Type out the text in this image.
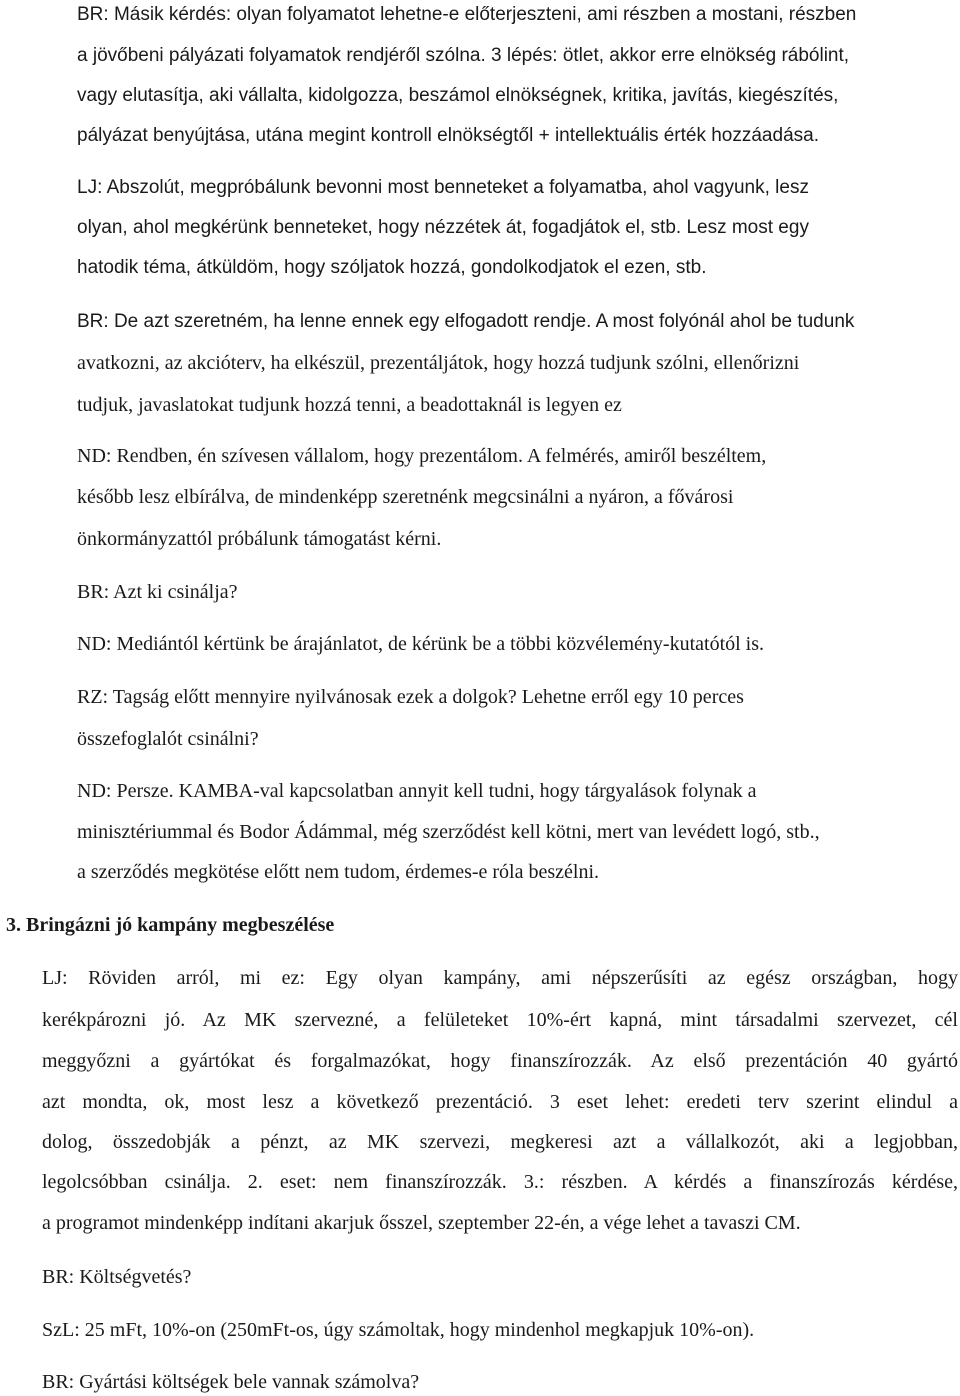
BR: Másik kérdés: olyan folyamatot lehetne-e előterjeszteni, ami részben a mostani, részben
a jövőbeni pályázati folyamatok rendjéről szólna. 3 lépés: ötlet, akkor erre elnökség rábólint,
vagy elutasítja, aki vállalta, kidolgozza, beszámol elnökségnek, kritika, javítás, kiegészítés,
pályázat benyújtása, utána megint kontroll elnökségtől + intellektuális érték hozzáadása.
LJ: Abszolút, megpróbálunk bevonni most benneteket a folyamatba, ahol vagyunk, lesz
olyan, ahol megkérünk benneteket, hogy nézzétek át, fogadjátok el, stb. Lesz most egy
hatodik téma, átküldöm, hogy szóljatok hozzá, gondolkodjatok el ezen, stb.
BR: De azt szeretném, ha lenne ennek egy elfogadott rendje. A most folyónál ahol be tudunk
avatkozni, az akcióterv, ha elkészül, prezentáljátok, hogy hozzá tudjunk szólni, ellenőrizni
tudjuk, javaslatokat tudjunk hozzá tenni, a beadottaknál is legyen ez
ND: Rendben, én szívesen vállalom, hogy prezentálom. A felmérés, amiről beszéltem,
később lesz elbírálva, de mindenképp szeretnénk megcsinálni a nyáron, a fővárosi
önkormányzattól próbálunk támogatást kérni.
BR: Azt ki csinálja?
ND: Mediántól kértünk be árajánlatot, de kérünk be a többi közvélemény-kutatótól is.
RZ: Tagság előtt mennyire nyilvánosak ezek a dolgok? Lehetne erről egy 10 perces
összefoglalót csinálni?
ND: Persze. KAMBA-val kapcsolatban annyit kell tudni, hogy tárgyalások folynak a
minisztériummal és Bodor Ádámmal, még szerződést kell kötni, mert van levédett logó, stb.,
a szerződés megkötése előtt nem tudom, érdemes-e róla beszélni.
3. Bringázni jó kampány megbeszélése
LJ: Röviden arról, mi ez: Egy olyan kampány, ami népszerűsíti az egész országban, hogy
kerékpározni jó. Az MK szervezné, a felületeket 10%-ért kapná, mint társadalmi szervezet, cél
meggyőzni a gyártókat és forgalmazókat, hogy finanszírozzák. Az első prezentáción 40 gyártó
azt mondta, ok, most lesz a következő prezentáció. 3 eset lehet: eredeti terv szerint elindul a
dolog, összedobják a pénzt, az MK szervezi, megkeresi azt a vállalkozót, aki a legjobban,
legolcsóbban csinálja. 2. eset: nem finanszírozzák. 3.: részben. A kérdés a finanszírozás kérdése,
a programot mindenképp indítani akarjuk ősszel, szeptember 22-én, a vége lehet a tavaszi CM.
BR: Költségvetés?
SzL: 25 mFt, 10%-on (250mFt-os, úgy számoltak, hogy mindenhol megkapjuk 10%-on).
BR: Gyártási költségek bele vannak számolva?
